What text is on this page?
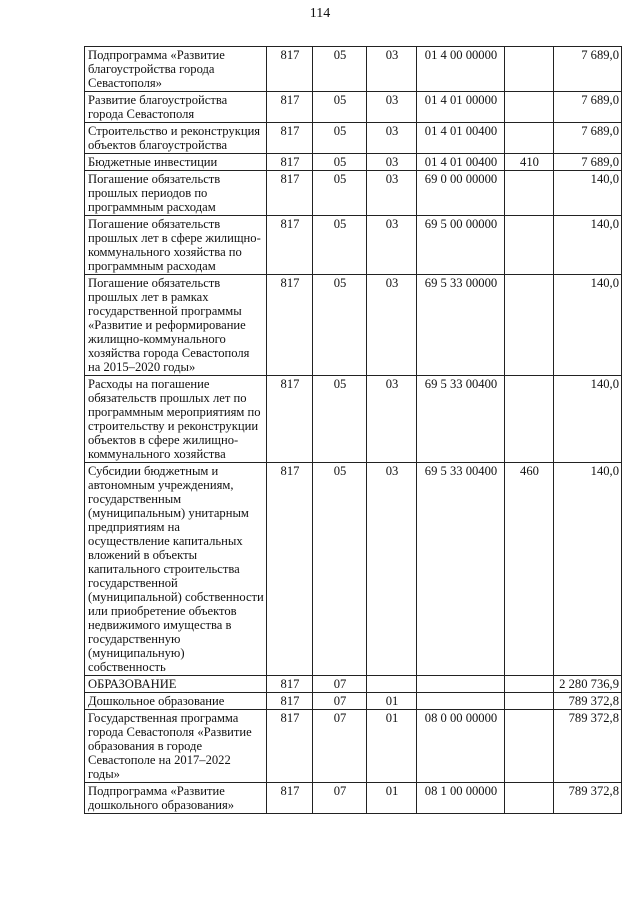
114
Подпрограмма «Развитие благоустройства города Севастополя»	817	05	03	01 4 00 00000		7 689,0
Развитие благоустройства города Севастополя	817	05	03	01 4 01 00000		7 689,0
Строительство и реконструкция объектов благоустройства	817	05	03	01 4 01 00400		7 689,0
Бюджетные инвестиции	817	05	03	01 4 01 00400	410	7 689,0
Погашение обязательств прошлых периодов по программным расходам	817	05	03	69 0 00 00000		140,0
Погашение обязательств прошлых лет в сфере жилищно-коммунального хозяйства по программным расходам	817	05	03	69 5 00 00000		140,0
Погашение обязательств прошлых лет в рамках государственной программы «Развитие и реформирование жилищно-коммунального хозяйства города Севастополя на 2015–2020 годы»	817	05	03	69 5 33 00000		140,0
Расходы на погашение обязательств прошлых лет по программным мероприятиям по строительству и реконструкции объектов в сфере жилищно-коммунального хозяйства	817	05	03	69 5 33 00400		140,0
Субсидии бюджетным и автономным учреждениям, государственным (муниципальным) унитарным предприятиям на осуществление капитальных вложений в объекты капитального строительства государственной (муниципальной) собственности или приобретение объектов недвижимого имущества в государственную (муниципальную) собственность	817	05	03	69 5 33 00400	460	140,0
ОБРАЗОВАНИЕ	817	07				2 280 736,9
Дошкольное образование	817	07	01			789 372,8
Государственная программа города Севастополя «Развитие образования в городе Севастополе на 2017–2022 годы»	817	07	01	08 0 00 00000		789 372,8
Подпрограмма «Развитие дошкольного образования»	817	07	01	08 1 00 00000		789 372,8
